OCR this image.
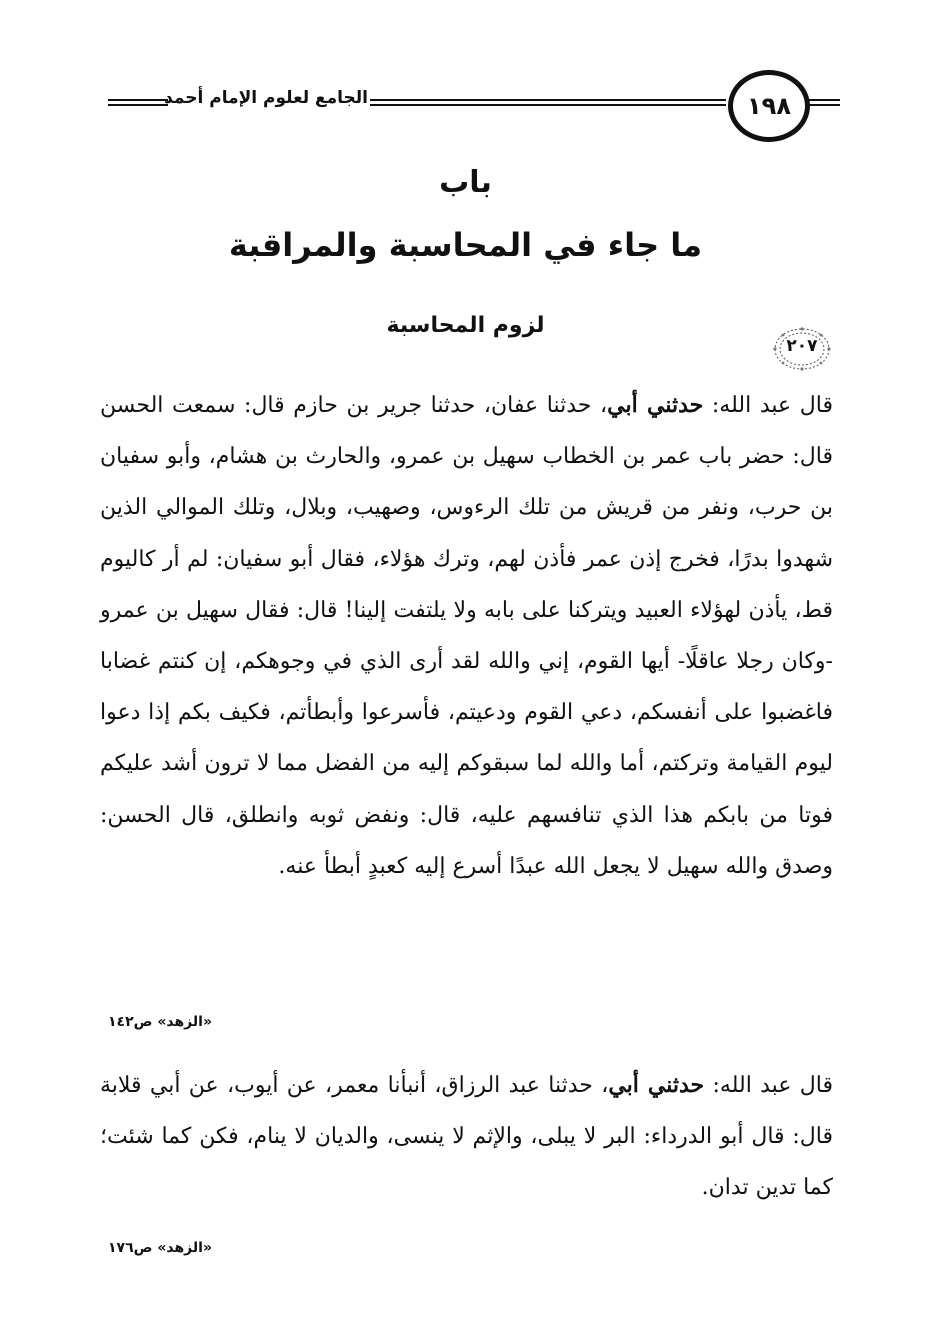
الجامع لعلوم الإمام أحمد	١٩٨
باب
ما جاء في المحاسبة والمراقبة
لزوم المحاسبة
٢٠٧
قال عبد الله: حدثني أبي، حدثنا عفان، حدثنا جرير بن حازم قال: سمعت الحسن قال: حضر باب عمر بن الخطاب سهيل بن عمرو، والحارث بن هشام، وأبو سفيان بن حرب، ونفر من قريش من تلك الرءوس، وصهيب، وبلال، وتلك الموالي الذين شهدوا بدرًا، فخرج إذن عمر فأذن لهم، وترك هؤلاء، فقال أبو سفيان: لم أر كاليوم قط، يأذن لهؤلاء العبيد ويتركنا على بابه ولا يلتفت إلينا! قال: فقال سهيل بن عمرو -وكان رجلا عاقلًا- أيها القوم، إني والله لقد أرى الذي في وجوهكم، إن كنتم غضابا فاغضبوا على أنفسكم، دعي القوم ودعيتم، فأسرعوا وأبطأتم، فكيف بكم إذا دعوا ليوم القيامة وتركتم، أما والله لما سبقوكم إليه من الفضل مما لا ترون أشد عليكم فوتا من بابكم هذا الذي تنافسهم عليه، قال: ونفض ثوبه وانطلق، قال الحسن: وصدق والله سهيل لا يجعل الله عبدًا أسرع إليه كعبدٍ أبطأ عنه.
«الزهد» ص١٤٢
قال عبد الله: حدثني أبي، حدثنا عبد الرزاق، أنبأنا معمر، عن أيوب، عن أبي قلابة قال: قال أبو الدرداء: البر لا يبلى، والإثم لا ينسى، والديان لا ينام، فكن كما شئت؛ كما تدين تدان.
«الزهد» ص١٧٦
